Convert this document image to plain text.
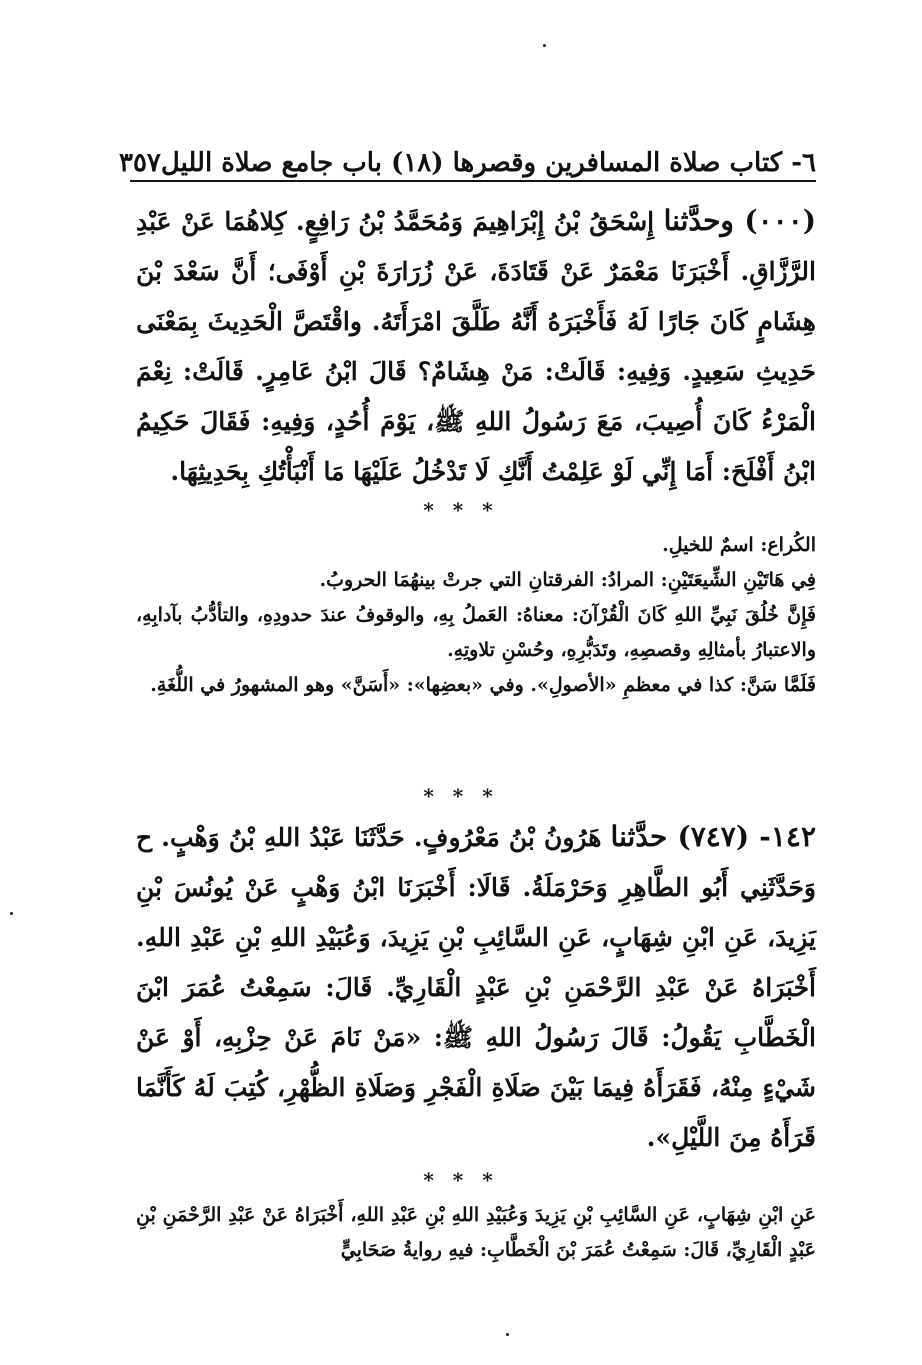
٦- كتاب صلاة المسافرين وقصرها (١٨) باب جامع صلاة الليل
٣٥٧

(٠٠٠) وحدَّثنا إِسْحَقُ بْنُ إِبْرَاهِيمَ وَمُحَمَّدُ بْنُ رَافِعٍ. كِلاهُمَا عَنْ عَبْدِ الرَّزَّاقِ. أَخْبَرَنَا مَعْمَرٌ عَنْ قَتَادَةَ، عَنْ زُرَارَةَ بْنِ أَوْفَى؛ أَنَّ سَعْدَ بْنَ هِشَامٍ كَانَ جَارًا لَهُ فَأَخْبَرَهُ أَنَّهُ طَلَّقَ امْرَأَتَهُ. واقْتَصَّ الْحَدِيثَ بِمَعْنَى حَدِيثِ سَعِيدٍ. وَفِيهِ: قَالَتْ: مَنْ هِشَامٌ؟ قَالَ ابْنُ عَامِرٍ. قَالَتْ: نِعْمَ الْمَرْءُ كَانَ أُصِيبَ، مَعَ رَسُولُ اللهِ ﷺ، يَوْمَ أُحُدٍ، وَفِيهِ: فَقَالَ حَكِيمُ ابْنُ أَفْلَحَ: أَمَا إِنِّي لَوْ عَلِمْتُ أَنَّكِ لَا تَدْخُلُ عَلَيْهَا مَا أَنْبَأْتُكِ بِحَدِيثِهَا.

* * *

الكُراع: اسمٌ للخيلِ.

فِي هَاتَيْنِ الشِّيعَتَيْنِ: المرادُ: الفرقتانِ التي جرتْ بينهُمَا الحروبُ.

فَإِنَّ خُلُقَ نَبِيِّ اللهِ كَانَ الْقُرْآنَ: معناهُ: العَملُ بِهِ، والوقوفُ عندَ حدودِهِ، والتأدُّبُ بآدابِهِ، والاعتبارُ بأمثالِهِ وقصصِهِ، وتَدَبُّرِهِ، وحُسْنِ تلاوتِهِ.

فَلَمَّا سَنَّ: كذا في معظمِ «الأصولِ». وفي «بعضِها»: «أَسَنَّ» وهو المشهورُ في اللُّغَةِ.

* * *

١٤٢- (٧٤٧) حدَّثنا هَرُونُ بْنُ مَعْرُوفٍ. حَدَّثَنَا عَبْدُ اللهِ بْنُ وَهْبٍ. ح وَحَدَّثَنِي أَبُو الطَّاهِرِ وَحَرْمَلَةُ. قَالَا: أَخْبَرَنَا ابْنُ وَهْبٍ عَنْ يُونُسَ بْنِ يَزِيدَ، عَنِ ابْنِ شِهَابٍ، عَنِ السَّائِبِ بْنِ يَزِيدَ، وَعُبَيْدِ اللهِ بْنِ عَبْدِ اللهِ. أَخْبَرَاهُ عَنْ عَبْدِ الرَّحْمَنِ بْنِ عَبْدٍ الْقَارِيِّ. قَالَ: سَمِعْتُ عُمَرَ ابْنَ الْخَطَّابِ يَقُولُ: قَالَ رَسُولُ اللهِ ﷺ: «مَنْ نَامَ عَنْ حِزْبِهِ، أَوْ عَنْ شَيْءٍ مِنْهُ، فَقَرَأَهُ فِيمَا بَيْنَ صَلَاةِ الْفَجْرِ وَصَلَاةِ الظُّهْرِ، كُتِبَ لَهُ كَأَنَّمَا قَرَأَهُ مِنَ اللَّيْلِ».

* * *

عَنِ ابْنِ شِهَابٍ، عَنِ السَّائِبِ بْنِ يَزِيدَ وَعُبَيْدِ اللهِ بْنِ عَبْدِ اللهِ، أَخْبَرَاهُ عَنْ عَبْدِ الرَّحْمَنِ بْنِ عَبْدٍ الْقَارِيِّ، قَالَ: سَمِعْتُ عُمَرَ بْنَ الْخَطَّابِ: فيهِ روايةُ صَحَابِيٍّ
